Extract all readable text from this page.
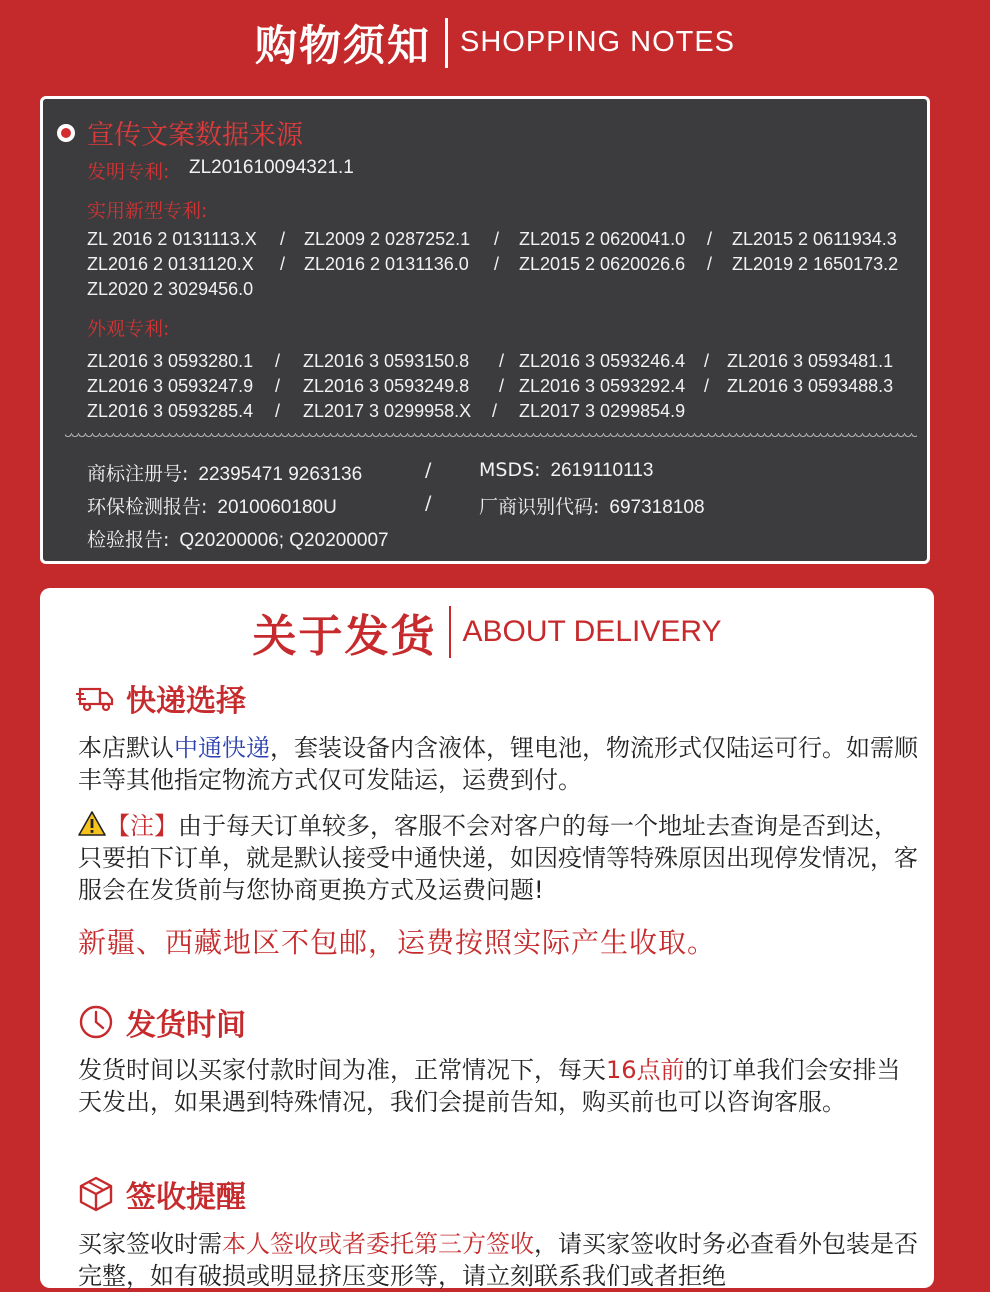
购物须知 SHOPPING NOTES
宣传文案数据来源
发明专利: ZL201610094321.1
实用新型专利:
ZL 2016 2 0131113.X / ZL2009 2 0287252.1 / ZL2015 2 0620041.0 / ZL2015 2 0611934.3
ZL2016 2 0131120.X / ZL2016 2 0131136.0 / ZL2015 2 0620026.6 / ZL2019 2 1650173.2
ZL2020 2 3029456.0
外观专利:
ZL2016 3 0593280.1 / ZL2016 3 0593150.8 / ZL2016 3 0593246.4 / ZL2016 3 0593481.1
ZL2016 3 0593247.9 / ZL2016 3 0593249.8 / ZL2016 3 0593292.4 / ZL2016 3 0593488.3
ZL2016 3 0593285.4 / ZL2017 3 0299958.X / ZL2017 3 0299854.9
商标注册号: 22395471 9263136	/	MSDS: 2619110113
环保检测报告: 2010060180U	/	厂商识别代码: 697318108
检验报告: Q20200006; Q20200007
关于发货 ABOUT DELIVERY
快递选择
本店默认中通快递，套装设备内含液体，锂电池，物流形式仅陆运可行。如需顺丰等其他指定物流方式仅可发陆运，运费到付。
【注】由于每天订单较多，客服不会对客户的每一个地址去查询是否到达，只要拍下订单，就是默认接受中通快递，如因疫情等特殊原因出现停发情况，客服会在发货前与您协商更换方式及运费问题!
新疆、西藏地区不包邮，运费按照实际产生收取。
发货时间
发货时间以买家付款时间为准，正常情况下，每天16点前的订单我们会安排当天发出，如果遇到特殊情况，我们会提前告知，购买前也可以咨询客服。
签收提醒
买家签收时需本人签收或者委托第三方签收，请买家签收时务必查看外包装是否完整，如有破损或明显挤压变形等，请立刻联系我们或者拒绝
